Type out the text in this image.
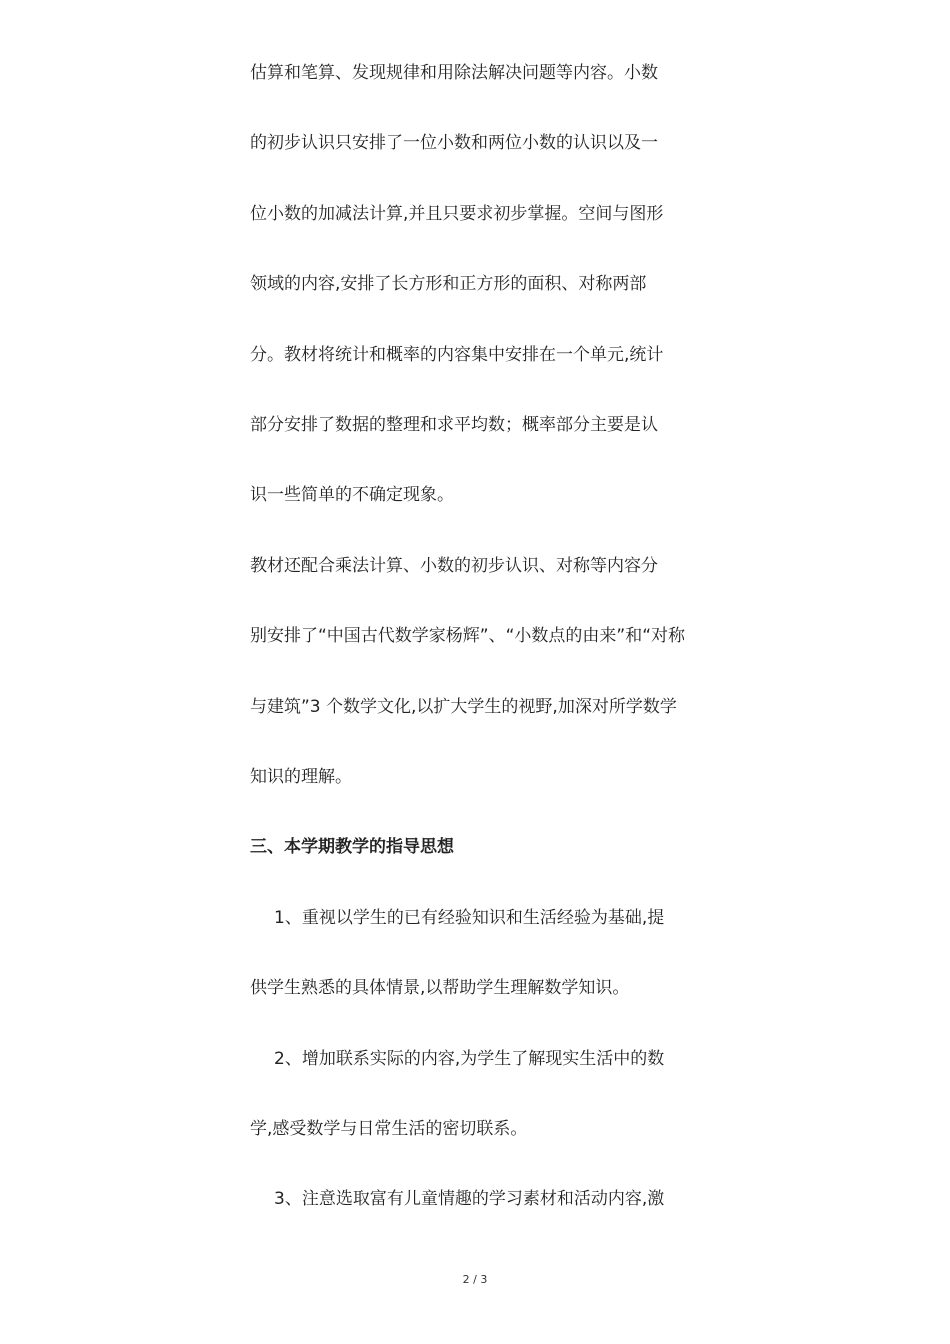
估算和笔算、发现规律和用除法解决问题等内容。小数
的初步认识只安排了一位小数和两位小数的认识以及一
位小数的加减法计算,并且只要求初步掌握。空间与图形
领域的内容,安排了长方形和正方形的面积、对称两部
分。教材将统计和概率的内容集中安排在一个单元,统计
部分安排了数据的整理和求平均数；概率部分主要是认
识一些简单的不确定现象。
教材还配合乘法计算、小数的初步认识、对称等内容分
别安排了“中国古代数学家杨辉”、“小数点的由来”和“对称
与建筑”3 个数学文化,以扩大学生的视野,加深对所学数学
知识的理解。
三、本学期教学的指导思想
1、重视以学生的已有经验知识和生活经验为基础,提
供学生熟悉的具体情景,以帮助学生理解数学知识。
2、增加联系实际的内容,为学生了解现实生活中的数
学,感受数学与日常生活的密切联系。
3、注意选取富有儿童情趣的学习素材和活动内容,激
2 / 3
